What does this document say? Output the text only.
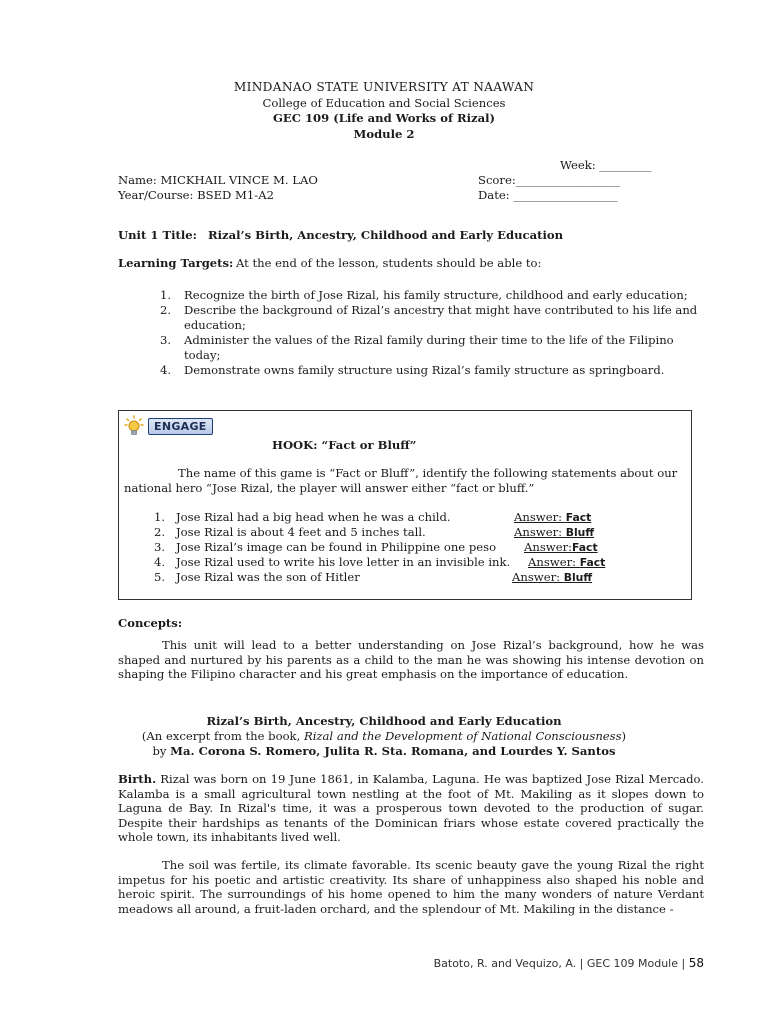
MINDANAO STATE UNIVERSITY AT NAAWAN
College of Education and Social Sciences
GEC 109 (Life and Works of Rizal)
Module 2
Week: _________
Name: MICKHAIL VINCE M. LAO	Score:__________________
Year/Course: BSED M1-A2	Date: __________________
Unit 1 Title: Rizal’s Birth, Ancestry, Childhood and Early Education
Learning Targets: At the end of the lesson, students should be able to:
1. Recognize the birth of Jose Rizal, his family structure, childhood and early education;
2. Describe the background of Rizal’s ancestry that might have contributed to his life and education;
3. Administer the values of the Rizal family during their time to the life of the Filipino today;
4. Demonstrate owns family structure using Rizal’s family structure as springboard.
ENGAGE
HOOK: “Fact or Bluff”
The name of this game is “Fact or Bluff”, identify the following statements about our national hero “Jose Rizal, the player will answer either “fact or bluff.”
1. Jose Rizal had a big head when he was a child.	Answer: Fact
2. Jose Rizal is about 4 feet and 5 inches tall.	Answer: Bluff
3. Jose Rizal’s image can be found in Philippine one peso Answer:Fact
4. Jose Rizal used to write his love letter in an invisible ink. Answer: Fact
5. Jose Rizal was the son of Hitler	Answer: Bluff
Concepts:
This unit will lead to a better understanding on Jose Rizal’s background, how he was shaped and nurtured by his parents as a child to the man he was showing his intense devotion on shaping the Filipino character and his great emphasis on the importance of education.
Rizal’s Birth, Ancestry, Childhood and Early Education
(An excerpt from the book, Rizal and the Development of National Consciousness)
by Ma. Corona S. Romero, Julita R. Sta. Romana, and Lourdes Y. Santos
Birth. Rizal was born on 19 June 1861, in Kalamba, Laguna. He was baptized Jose Rizal Mercado. Kalamba is a small agricultural town nestling at the foot of Mt. Makiling as it slopes down to Laguna de Bay. In Rizal's time, it was a prosperous town devoted to the production of sugar. Despite their hardships as tenants of the Dominican friars whose estate covered practically the whole town, its inhabitants lived well.
The soil was fertile, its climate favorable. Its scenic beauty gave the young Rizal the right impetus for his poetic and artistic creativity. Its share of unhappiness also shaped his noble and heroic spirit. The surroundings of his home opened to him the many wonders of nature Verdant meadows all around, a fruit-laden orchard, and the splendour of Mt. Makiling in the distance -
Batoto, R. and Vequizo, A. | GEC 109 Module | 58
